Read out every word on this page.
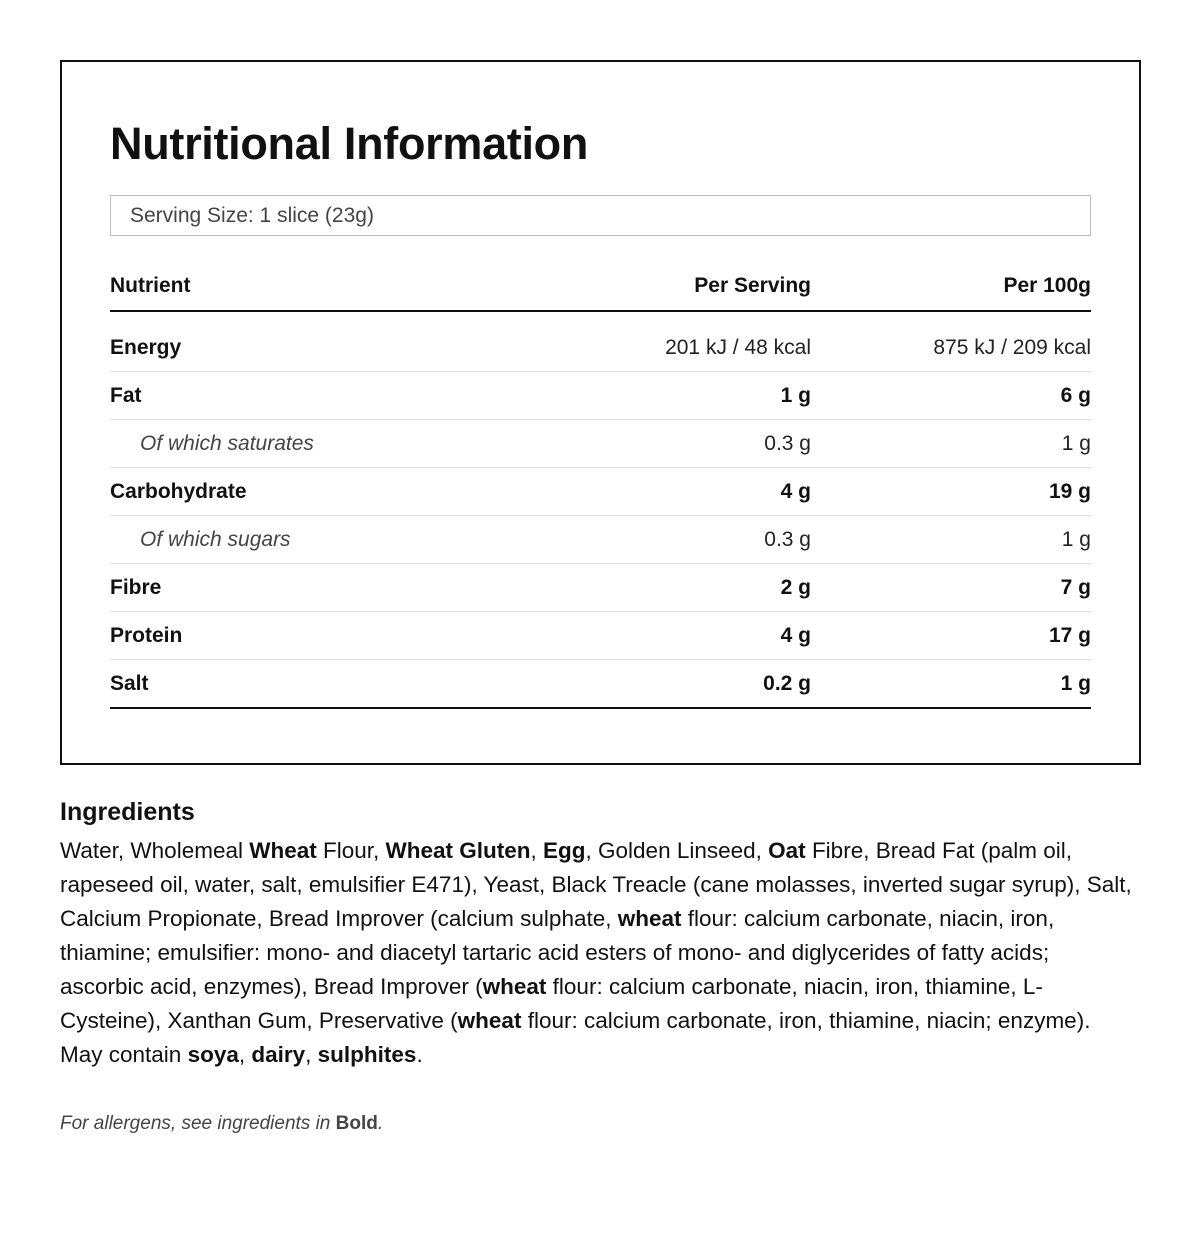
Nutritional Information
Serving Size: 1 slice (23g)
Nutrient	Per Serving	Per 100g
Energy	201 kJ / 48 kcal	875 kJ / 209 kcal
Fat	1 g	6 g
Of which saturates	0.3 g	1 g
Carbohydrate	4 g	19 g
Of which sugars	0.3 g	1 g
Fibre	2 g	7 g
Protein	4 g	17 g
Salt	0.2 g	1 g
Ingredients

Water, Wholemeal Wheat Flour, Wheat Gluten, Egg, Golden Linseed, Oat Fibre, Bread Fat (palm oil, rapeseed oil, water, salt, emulsifier E471), Yeast, Black Treacle (cane molasses, inverted sugar syrup), Salt, Calcium Propionate, Bread Improver (calcium sulphate, wheat flour: calcium carbonate, niacin, iron, thiamine; emulsifier: mono- and diacetyl tartaric acid esters of mono- and diglycerides of fatty acids; ascorbic acid, enzymes), Bread Improver (wheat flour: calcium carbonate, niacin, iron, thiamine, L-Cysteine), Xanthan Gum, Preservative (wheat flour: calcium carbonate, iron, thiamine, niacin; enzyme). May contain soya, dairy, sulphites.

For allergens, see ingredients in Bold.
